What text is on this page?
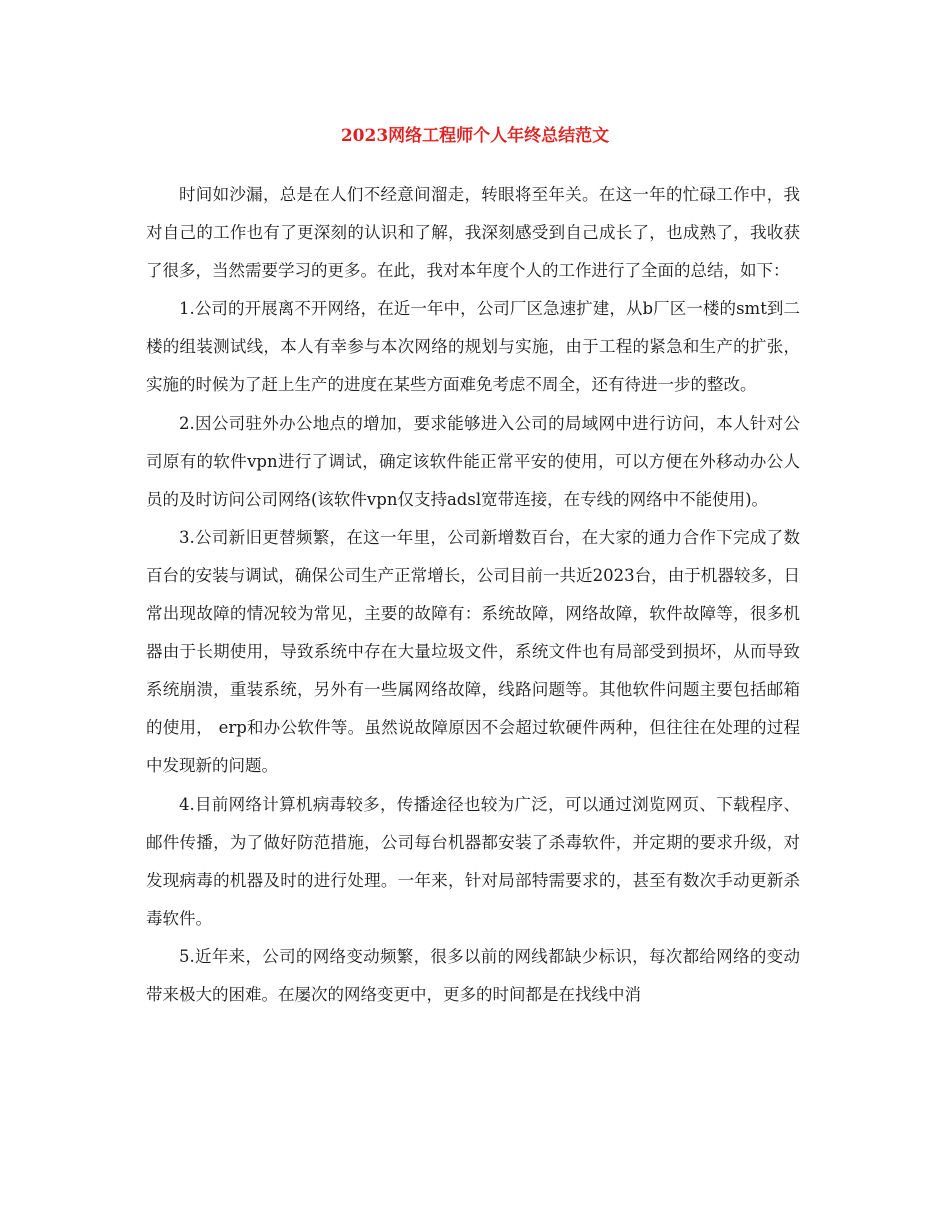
2023网络工程师个人年终总结范文

时间如沙漏，总是在人们不经意间溜走，转眼将至年关。在这一年的忙碌工作中，我对自己的工作也有了更深刻的认识和了解，我深刻感受到自己成长了，也成熟了，我收获了很多，当然需要学习的更多。在此，我对本年度个人的工作进行了全面的总结，如下：

1.公司的开展离不开网络，在近一年中，公司厂区急速扩建，从b厂区一楼的smt到二楼的组装测试线，本人有幸参与本次网络的规划与实施，由于工程的紧急和生产的扩张，实施的时候为了赶上生产的进度在某些方面难免考虑不周全，还有待进一步的整改。

2.因公司驻外办公地点的增加，要求能够进入公司的局域网中进行访问，本人针对公司原有的软件vpn进行了调试，确定该软件能正常平安的使用，可以方便在外移动办公人员的及时访问公司网络(该软件vpn仅支持adsl宽带连接，在专线的网络中不能使用)。

3.公司新旧更替频繁，在这一年里，公司新增数百台，在大家的通力合作下完成了数百台的安装与调试，确保公司生产正常增长，公司目前一共近2023台，由于机器较多，日常出现故障的情况较为常见，主要的故障有：系统故障，网络故障，软件故障等，很多机器由于长期使用，导致系统中存在大量垃圾文件，系统文件也有局部受到损坏，从而导致系统崩溃，重装系统，另外有一些属网络故障，线路问题等。其他软件问题主要包括邮箱的使用， erp和办公软件等。虽然说故障原因不会超过软硬件两种，但往往在处理的过程中发现新的问题。

4.目前网络计算机病毒较多，传播途径也较为广泛，可以通过浏览网页、下载程序、邮件传播，为了做好防范措施，公司每台机器都安装了杀毒软件，并定期的要求升级，对发现病毒的机器及时的进行处理。一年来，针对局部特需要求的，甚至有数次手动更新杀毒软件。

5.近年来，公司的网络变动频繁，很多以前的网线都缺少标识，每次都给网络的变动带来极大的困难。在屡次的网络变更中，更多的时间都是在找线中消
